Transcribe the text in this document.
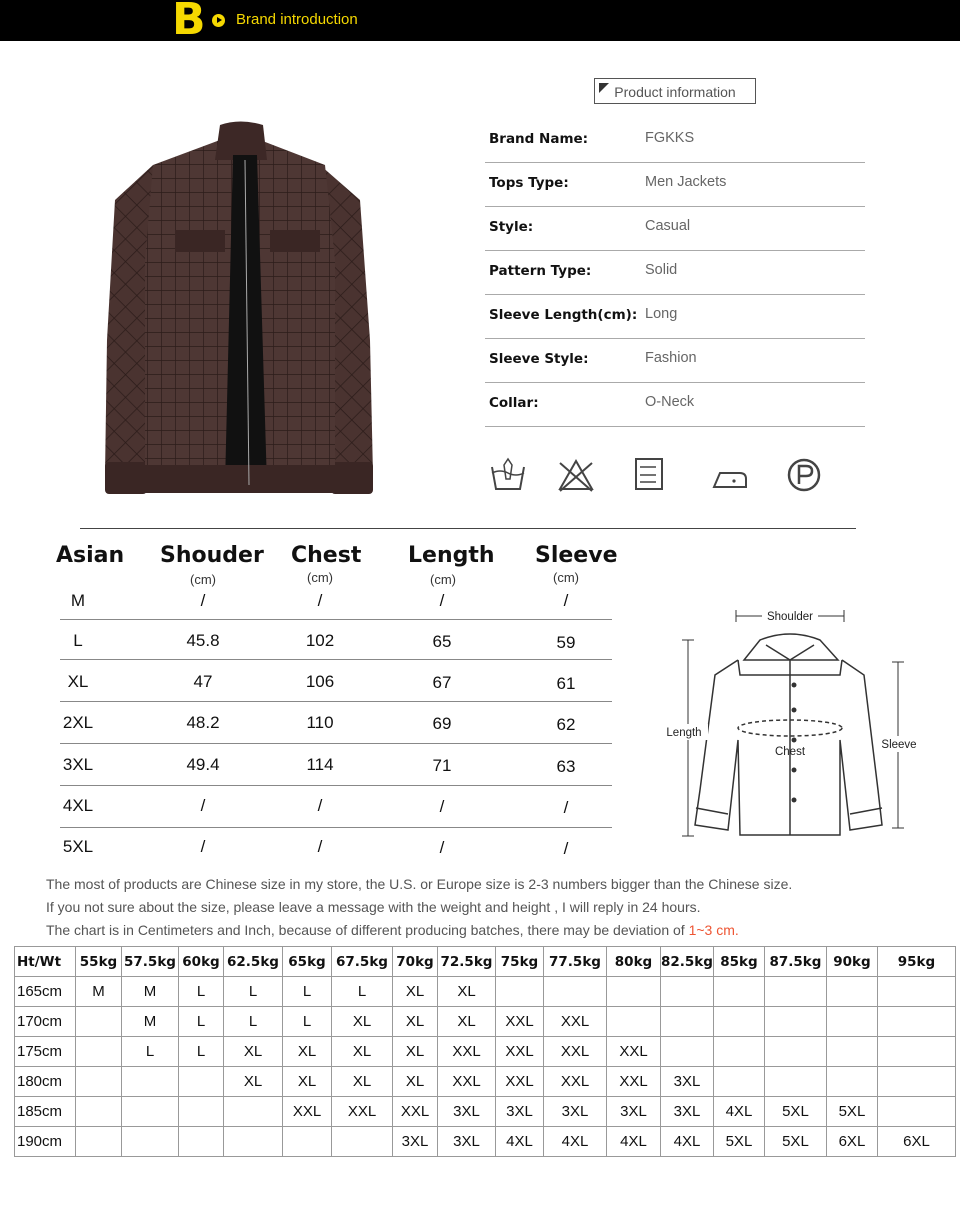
B Brand introduction
Product information
Brand Name:	FGKKS
Tops Type:	Men Jackets
Style:	Casual
Pattern Type:	Solid
Sleeve Length(cm): Long
Sleeve Style:	Fashion
Collar:	O-Neck
Asian Shouder Chest Length Sleeve
(cm)	(cm)	(cm)	(cm)
M	/	/	/	/
L	45.8	102	65	59
XL	47	106	67	61
2XL	48.2	110	69	62
3XL	49.4	114	71	63
4XL	/	/	/	/
5XL	/	/	/	/
Shoulder
Length
Chest
Sleeve
The most of products are Chinese size in my store, the U.S. or Europe size is 2-3 numbers bigger than the Chinese size.
If you not sure about the size, please leave a message with the weight and height , I will reply in 24 hours.
The chart is in Centimeters and Inch, because of different producing batches, there may be deviation of 1~3 cm.
Ht/Wt	55kg	57.5kg	60kg	62.5kg	65kg	67.5kg	70kg	72.5kg	75kg	77.5kg	80kg	82.5kg	85kg	87.5kg	90kg	95kg
165cm	M	M	L	L	L	L	XL	XL								
170cm		M	L	L	L	XL	XL	XL	XXL	XXL						
175cm		L	L	XL	XL	XL	XL	XXL	XXL	XXL	XXL					
180cm				XL	XL	XL	XL	XXL	XXL	XXL	XXL	3XL				
185cm					XXL	XXL	XXL	3XL	3XL	3XL	3XL	3XL	4XL	5XL	5XL	
190cm							3XL	3XL	4XL	4XL	4XL	4XL	5XL	5XL	6XL	6XL
